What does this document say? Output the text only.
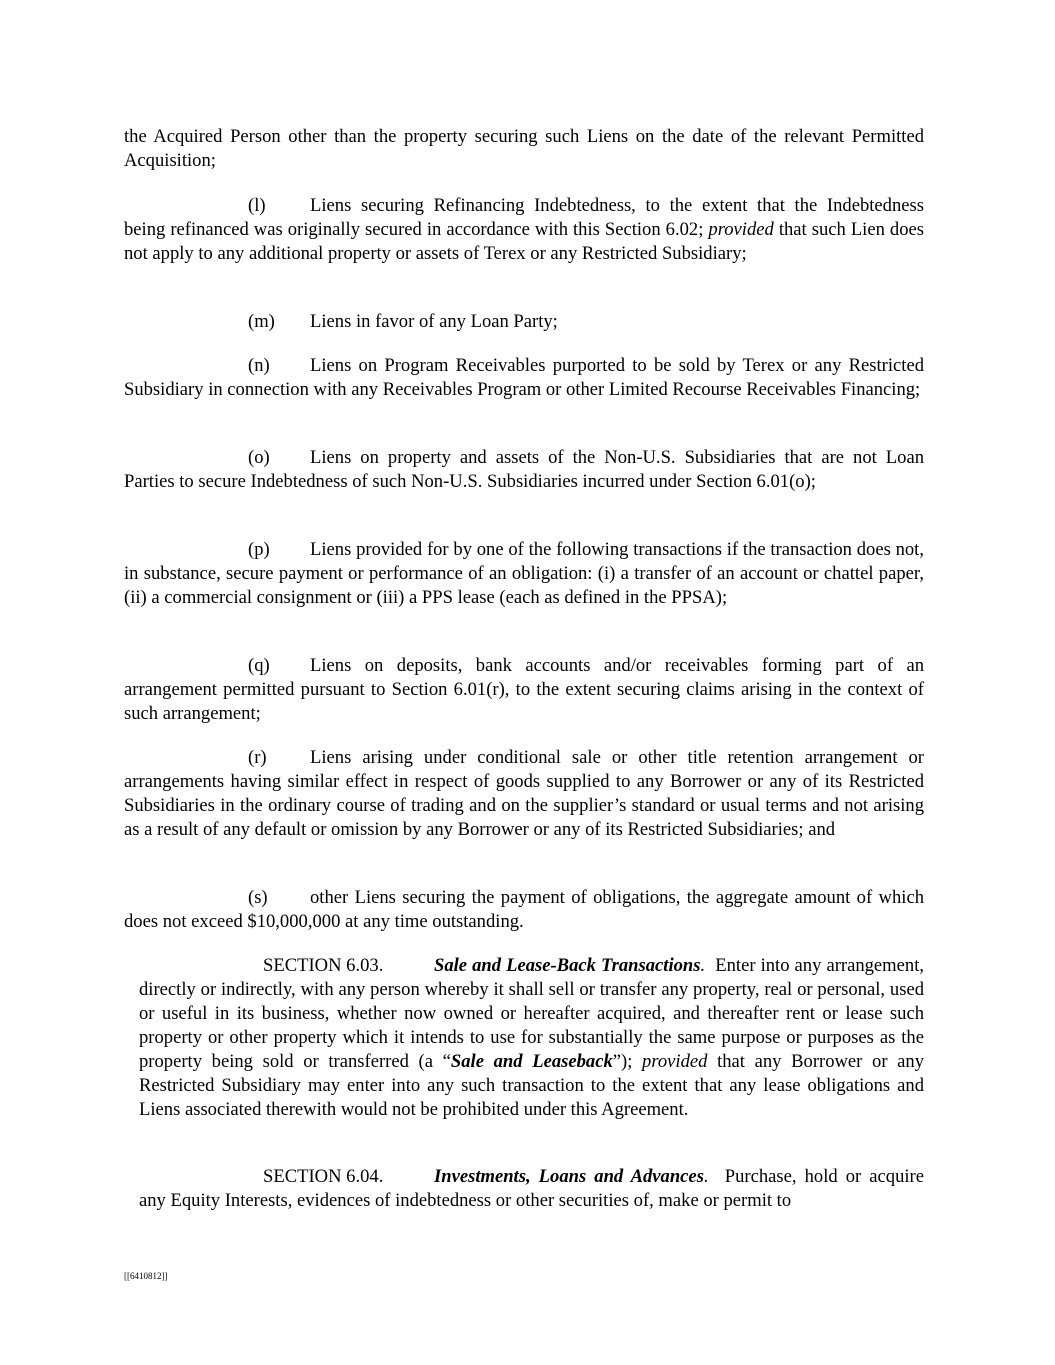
the Acquired Person other than the property securing such Liens on the date of the relevant Permitted Acquisition;

(l) Liens securing Refinancing Indebtedness, to the extent that the Indebtedness being refinanced was originally secured in accordance with this Section 6.02; provided that such Lien does not apply to any additional property or assets of Terex or any Restricted Subsidiary;

(m) Liens in favor of any Loan Party;

(n) Liens on Program Receivables purported to be sold by Terex or any Restricted Subsidiary in connection with any Receivables Program or other Limited Recourse Receivables Financing;

(o) Liens on property and assets of the Non-U.S. Subsidiaries that are not Loan Parties to secure Indebtedness of such Non-U.S. Subsidiaries incurred under Section 6.01(o);

(p) Liens provided for by one of the following transactions if the transaction does not, in substance, secure payment or performance of an obligation: (i) a transfer of an account or chattel paper, (ii) a commercial consignment or (iii) a PPS lease (each as defined in the PPSA);

(q) Liens on deposits, bank accounts and/or receivables forming part of an arrangement permitted pursuant to Section 6.01(r), to the extent securing claims arising in the context of such arrangement;

(r) Liens arising under conditional sale or other title retention arrangement or arrangements having similar effect in respect of goods supplied to any Borrower or any of its Restricted Subsidiaries in the ordinary course of trading and on the supplier’s standard or usual terms and not arising as a result of any default or omission by any Borrower or any of its Restricted Subsidiaries; and

(s) other Liens securing the payment of obligations, the aggregate amount of which does not exceed $10,000,000 at any time outstanding.

SECTION 6.03.	Sale and Lease-Back Transactions. Enter into any arrangement, directly or indirectly, with any person whereby it shall sell or transfer any property, real or personal, used or useful in its business, whether now owned or hereafter acquired, and thereafter rent or lease such property or other property which it intends to use for substantially the same purpose or purposes as the property being sold or transferred (a “Sale and Leaseback”); provided that any Borrower or any Restricted Subsidiary may enter into any such transaction to the extent that any lease obligations and Liens associated therewith would not be prohibited under this Agreement.

SECTION 6.04.	Investments, Loans and Advances. Purchase, hold or acquire any Equity Interests, evidences of indebtedness or other securities of, make or permit to

[[6410812]]
